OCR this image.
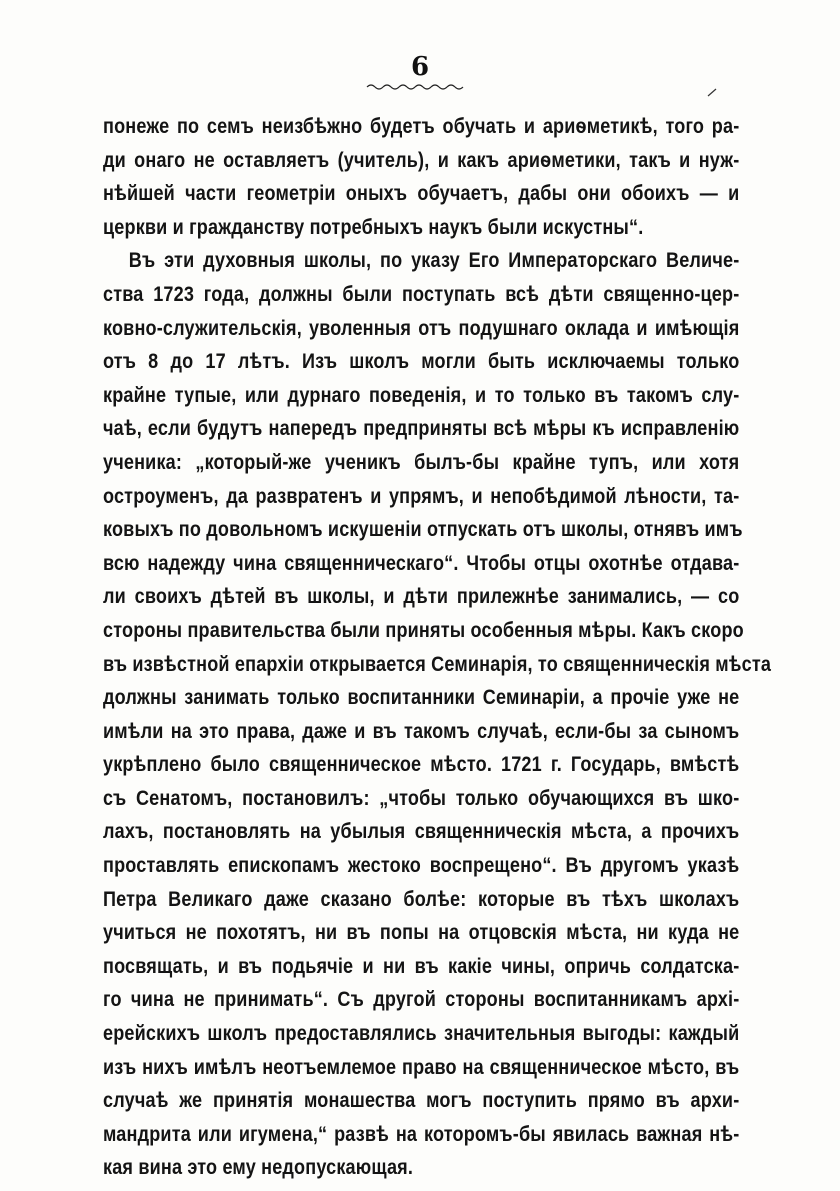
6
понеже по семъ неизбѣжно будетъ обучать и ариѳметикѣ, того ра-
ди онаго не оставляетъ (учитель), и какъ ариѳметики, такъ и нуж-
нѣйшей части геометріи оныхъ обучаетъ, дабы они обоихъ — и
церкви и гражданству потребныхъ наукъ были искустны“.
Въ эти духовныя школы, по указу Его Императорскаго Величе-
ства 1723 года, должны были поступать всѣ дѣти священно-цер-
ковно-служительскія, уволенныя отъ подушнаго оклада и имѣющія
отъ 8 до 17 лѣтъ. Изъ школъ могли быть исключаемы только
крайне тупые, или дурнаго поведенія, и то только въ такомъ слу-
чаѣ, если будутъ напередъ предприняты всѣ мѣры къ исправленію
ученика: „который-же ученикъ былъ-бы крайне тупъ, или хотя
остроуменъ, да развратенъ и упрямъ, и непобѣдимой лѣности, та-
ковыхъ по довольномъ искушеніи отпускать отъ школы, отнявъ имъ
всю надежду чина священническаго“. Чтобы отцы охотнѣе отдава-
ли своихъ дѣтей въ школы, и дѣти прилежнѣе занимались, — со
стороны правительства были приняты особенныя мѣры. Какъ скоро
въ извѣстной епархіи открывается Семинарія, то священническія мѣста
должны занимать только воспитанники Семинаріи, а прочіе уже не
имѣли на это права, даже и въ такомъ случаѣ, если-бы за сыномъ
укрѣплено было священническое мѣсто. 1721 г. Государь, вмѣстѣ
съ Сенатомъ, постановилъ: „чтобы только обучающихся въ шко-
лахъ, постановлять на убылыя священническія мѣста, а прочихъ
проставлять епископамъ жестоко воспрещено“. Въ другомъ указѣ
Петра Великаго даже сказано болѣе: которые въ тѣхъ школахъ
учиться не похотятъ, ни въ попы на отцовскія мѣста, ни куда не
посвящать, и въ подьячіе и ни въ какіе чины, опричь солдатска-
го чина не принимать“. Съ другой стороны воспитанникамъ архі-
ерейскихъ школъ предоставлялись значительныя выгоды: каждый
изъ нихъ имѣлъ неотъемлемое право на священническое мѣсто, въ
случаѣ же принятія монашества могъ поступить прямо въ архи-
мандрита или игумена,“ развѣ на которомъ-бы явилась важная нѣ-
кая вина это ему недопускающая.
